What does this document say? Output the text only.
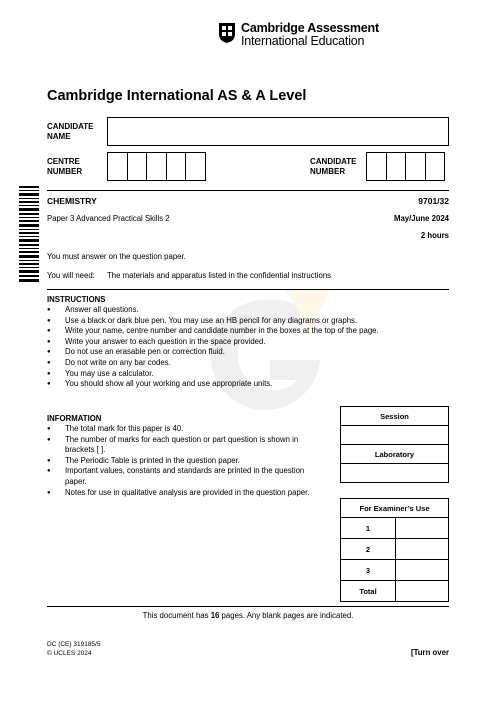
Cambridge Assessment
International Education
Cambridge International AS & A Level
CANDIDATE
NAME
CENTRE
NUMBER
CANDIDATE
NUMBER
CHEMISTRY	9701/32
Paper 3 Advanced Practical Skills 2	May/June 2024
2 hours
You must answer on the question paper.
You will need: The materials and apparatus listed in the confidential instructions
INSTRUCTIONS
● Answer all questions.
● Use a black or dark blue pen. You may use an HB pencil for any diagrams or graphs.
● Write your name, centre number and candidate number in the boxes at the top of the page.
● Write your answer to each question in the space provided.
● Do not use an erasable pen or correction fluid.
● Do not write on any bar codes.
● You may use a calculator.
● You should show all your working and use appropriate units.
INFORMATION
● The total mark for this paper is 40.
● The number of marks for each question or part question is shown in brackets [ ].
● The Periodic Table is printed in the question paper.
● Important values, constants and standards are printed in the question paper.
● Notes for use in qualitative analysis are provided in the question paper.
Session

Laboratory

For Examiner’s Use	
1	
2	
3	
Total	
This document has 16 pages. Any blank pages are indicated.
DC (CE) 319185/5
© UCLES 2024	[Turn over
